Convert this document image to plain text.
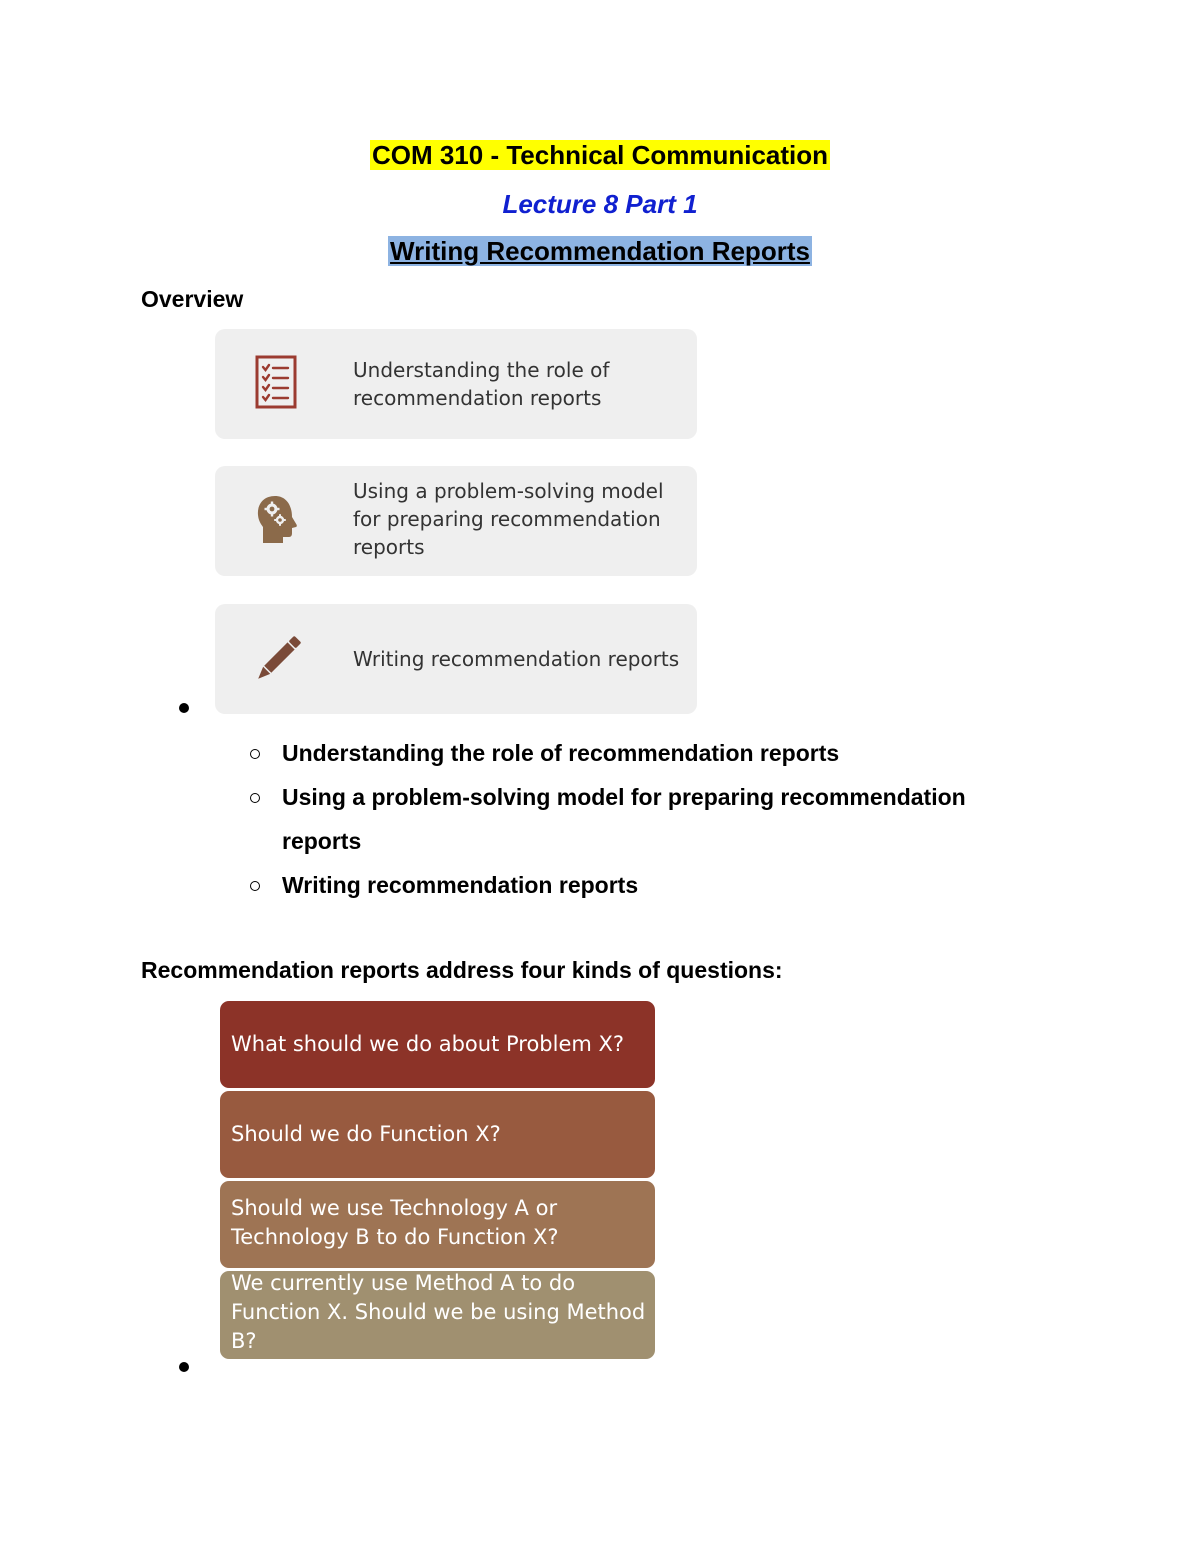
COM 310 - Technical Communication
Lecture 8 Part 1
Writing Recommendation Reports
Overview
Understanding the role of recommendation reports
Using a problem-solving model for preparing recommendation reports
Writing recommendation reports
Understanding the role of recommendation reports
Using a problem-solving model for preparing recommendation reports
Writing recommendation reports
Recommendation reports address four kinds of questions:
What should we do about Problem X?
Should we do Function X?
Should we use Technology A or Technology B to do Function X?
We currently use Method A to do Function X. Should we be using Method B?
